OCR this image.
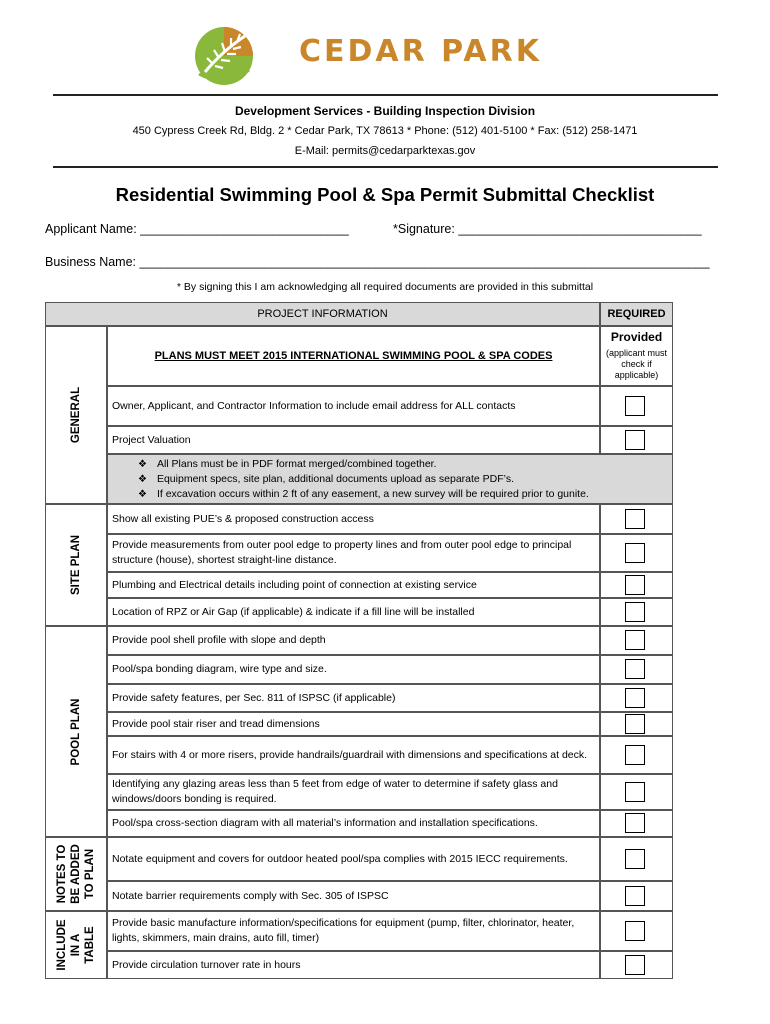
CEDAR PARK
Development Services - Building Inspection Division
450 Cypress Creek Rd, Bldg. 2 * Cedar Park, TX 78613 * Phone: (512) 401-5100 * Fax: (512) 258-1471
E-Mail: permits@cedarparktexas.gov
Residential Swimming Pool & Spa Permit Submittal Checklist
Applicant Name: ______________________________	*Signature: ___________________________________
Business Name: __________________________________________________________________________________
* By signing this I am acknowledging all required documents are provided in this submittal
PROJECT INFORMATION	REQUIRED
PLANS MUST MEET 2015 INTERNATIONAL SWIMMING POOL & SPA CODES
Provided
(applicant must check if applicable)
GENERAL
SITE PLAN
POOL PLAN
NOTES TO BE ADDED TO PLAN
INCLUDE IN A TABLE
Owner, Applicant, and Contractor Information to include email address for ALL contacts
Project Valuation
❖ All Plans must be in PDF format merged/combined together.
❖ Equipment specs, site plan, additional documents upload as separate PDF’s.
❖ If excavation occurs within 2 ft of any easement, a new survey will be required prior to gunite.
Show all existing PUE’s & proposed construction access
Provide measurements from outer pool edge to property lines and from outer pool edge to principal structure (house), shortest straight-line distance.
Plumbing and Electrical details including point of connection at existing service
Location of RPZ or Air Gap (if applicable) & indicate if a fill line will be installed
Provide pool shell profile with slope and depth
Pool/spa bonding diagram, wire type and size.
Provide safety features, per Sec. 811 of ISPSC (if applicable)
Provide pool stair riser and tread dimensions
For stairs with 4 or more risers, provide handrails/guardrail with dimensions and specifications at deck.
Identifying any glazing areas less than 5 feet from edge of water to determine if safety glass and windows/doors bonding is required.
Pool/spa cross-section diagram with all material’s information and installation specifications.
Notate equipment and covers for outdoor heated pool/spa complies with 2015 IECC requirements.
Notate barrier requirements comply with Sec. 305 of ISPSC
Provide basic manufacture information/specifications for equipment (pump, filter, chlorinator, heater, lights, skimmers, main drains, auto fill, timer)
Provide circulation turnover rate in hours
